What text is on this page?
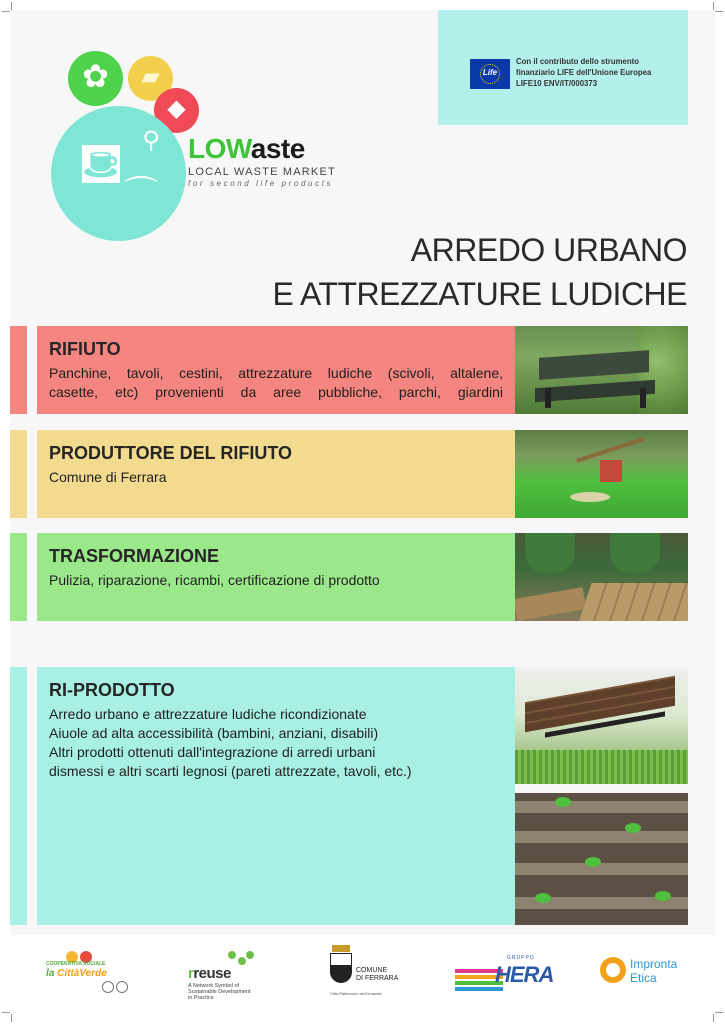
Life
Con il contributo dello strumento
finanziario LIFE dell'Unione Europea
LIFE10 ENV/IT/000373
✿	▰
◆
⛾ ⚲
⌒
LOWaste
LOCAL WASTE MARKET
for second life products
ARREDO URBANO
E ATTREZZATURE LUDICHE
RIFIUTO
Panchine, tavoli, cestini, attrezzature ludiche (scivoli, altalene,
casette, etc) provenienti da aree pubbliche, parchi, giardini
PRODUTTORE DEL RIFIUTO
Comune di Ferrara
TRASFORMAZIONE
Pulizia, riparazione, ricambi, certificazione di prodotto
RI-PRODOTTO
Arredo urbano e attrezzature ludiche ricondizionate
Aiuole ad alta accessibilità (bambini, anziani, disabili)
Altri prodotti ottenuti dall'integrazione di arredi urbani
dismessi e altri scarti legnosi (pareti attrezzate, tavoli, etc.)
COOPERATIVA SOCIALE
la CittàVerde	rreuse
A Network Symbol of
Sustainable Development
in Practice
COMUNE
DI FERRARA
Città Patrimonio dell'Umanità
GRUPPO
HERA	Impronta
Etica
